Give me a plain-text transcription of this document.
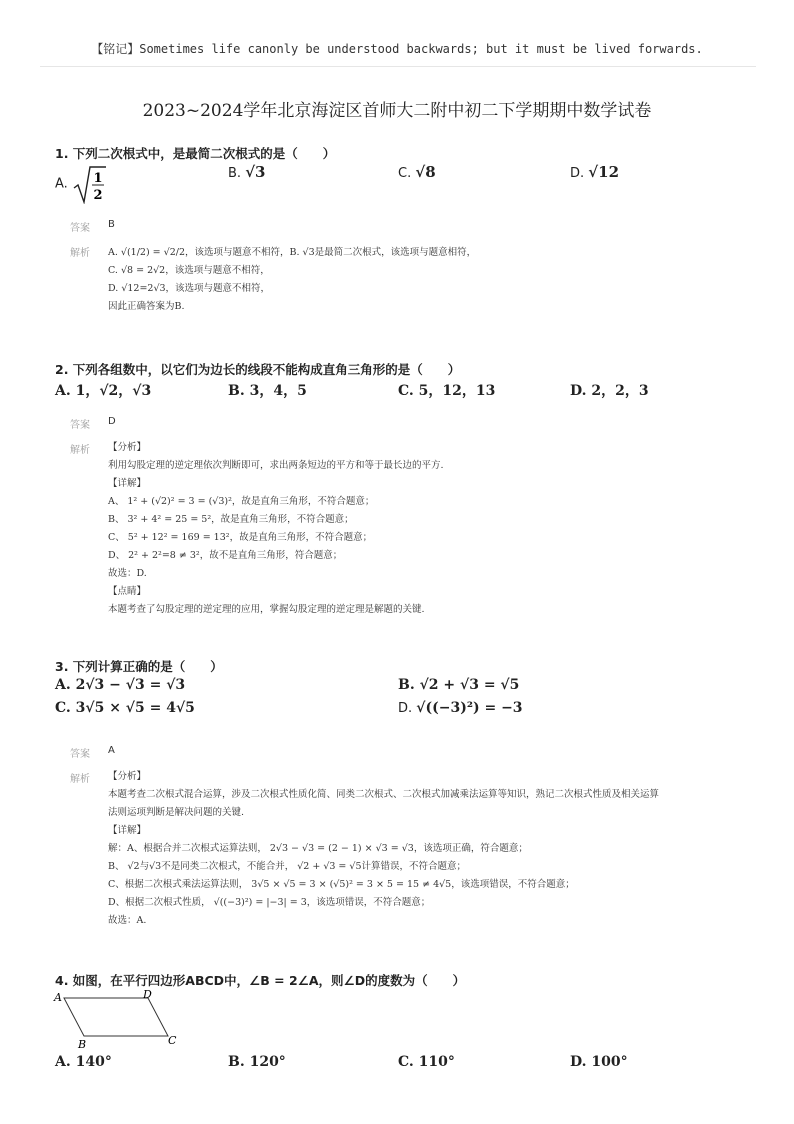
【铭记】Sometimes life canonly be understood backwards; but it must be lived forwards.
2023~2024学年北京海淀区首师大二附中初二下学期期中数学试卷
1. 下列二次根式中，是最简二次根式的是（　　）
A. 1
2
B. √3	C. √8	D. √12
答案 B
解析 A. √(1/2) = √2/2，该选项与题意不相符，B. √3是最简二次根式，该选项与题意相符，
C. √8 = 2√2，该选项与题意不相符，
D. √12=2√3，该选项与题意不相符，
因此正确答案为B.
2. 下列各组数中，以它们为边长的线段不能构成直角三角形的是（　　）
A. 1，√2，√3	B. 3，4，5	C. 5，12，13	D. 2，2，3
答案 D
解析 【分析】
利用勾股定理的逆定理依次判断即可，求出两条短边的平方和等于最长边的平方.
【详解】
A、 1² + (√2)² = 3 = (√3)²，故是直角三角形，不符合题意；
B、 3² + 4² = 25 = 5²，故是直角三角形，不符合题意；
C、 5² + 12² = 169 = 13²，故是直角三角形，不符合题意；
D、 2² + 2²=8 ≠ 3²，故不是直角三角形，符合题意；
故选：D.
【点睛】
本题考查了勾股定理的逆定理的应用，掌握勾股定理的逆定理是解题的关键.
3. 下列计算正确的是（　　）
A. 2√3 − √3 = √3	B. √2 + √3 = √5
C. 3√5 × √5 = 4√5	D. √((−3)²) = −3
答案 A
解析 【分析】
本题考查二次根式混合运算，涉及二次根式性质化简、同类二次根式、二次根式加减乘法运算等知识，熟记二次根式性质及相关运算
法则运项判断是解决问题的关键.
【详解】
解：A、根据合并二次根式运算法则， 2√3 − √3 = (2 − 1) × √3 = √3，该选项正确，符合题意；
B、 √2与√3不是同类二次根式，不能合并， √2 + √3 = √5计算错误，不符合题意；
C、根据二次根式乘法运算法则， 3√5 × √5 = 3 × (√5)² = 3 × 5 = 15 ≠ 4√5，该选项错误，不符合题意；
D、根据二次根式性质， √((−3)²) = |−3| = 3，该选项错误，不符合题意；
故选：A.
4. 如图，在平行四边形ABCD中，∠B = 2∠A，则∠D的度数为（　　）
A	D
B	C
A. 140°	B. 120°	C. 110°	D. 100°
